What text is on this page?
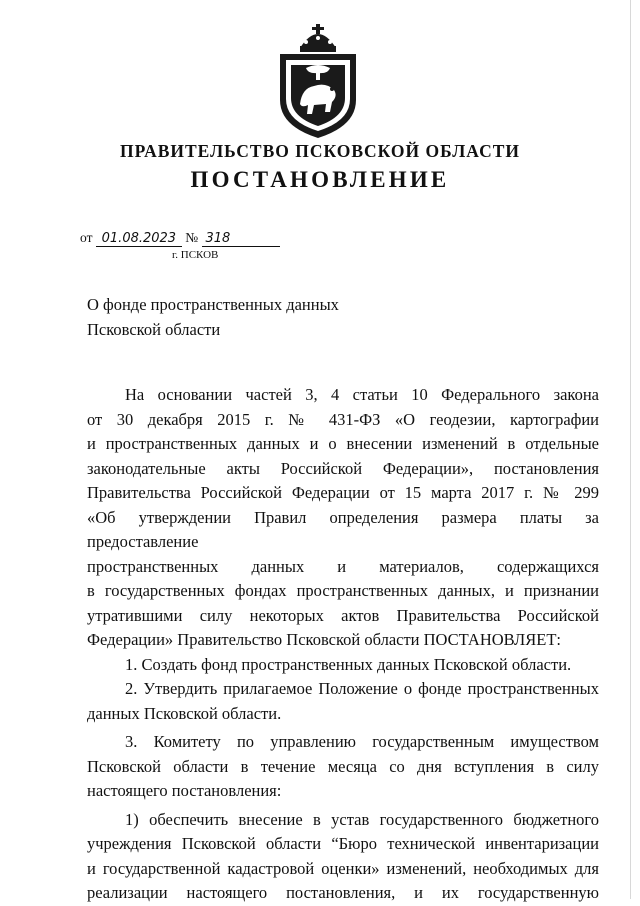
ПРАВИТЕЛЬСТВО ПСКОВСКОЙ ОБЛАСТИ
ПОСТАНОВЛЕНИЕ
от 01.08.2023 № 318
г. ПСКОВ
О фонде пространственных данных
Псковской области

На основании частей 3, 4 статьи 10 Федерального закона

от 30 декабря 2015 г. № 431-ФЗ «О геодезии, картографии

и пространственных данных и о внесении изменений в отдельные

законодательные акты Российской Федерации», постановления

Правительства Российской Федерации от 15 марта 2017 г. № 299

«Об утверждении Правил определения размера платы за предоставление

пространственных данных и материалов, содержащихся

в государственных фондах пространственных данных, и признании

утратившими силу некоторых актов Правительства Российской

Федерации» Правительство Псковской области ПОСТАНОВЛЯЕТ:

1. Создать фонд пространственных данных Псковской области.

2. Утвердить прилагаемое Положение о фонде пространственных

данных Псковской области.

3. Комитету по управлению государственным имуществом

Псковской области в течение месяца со дня вступления в силу

настоящего постановления:

1) обеспечить внесение в устав государственного бюджетного

учреждения Псковской области “Бюро технической инвентаризации

и государственной кадастровой оценки» изменений, необходимых для

реализации настоящего постановления, и их государственную
